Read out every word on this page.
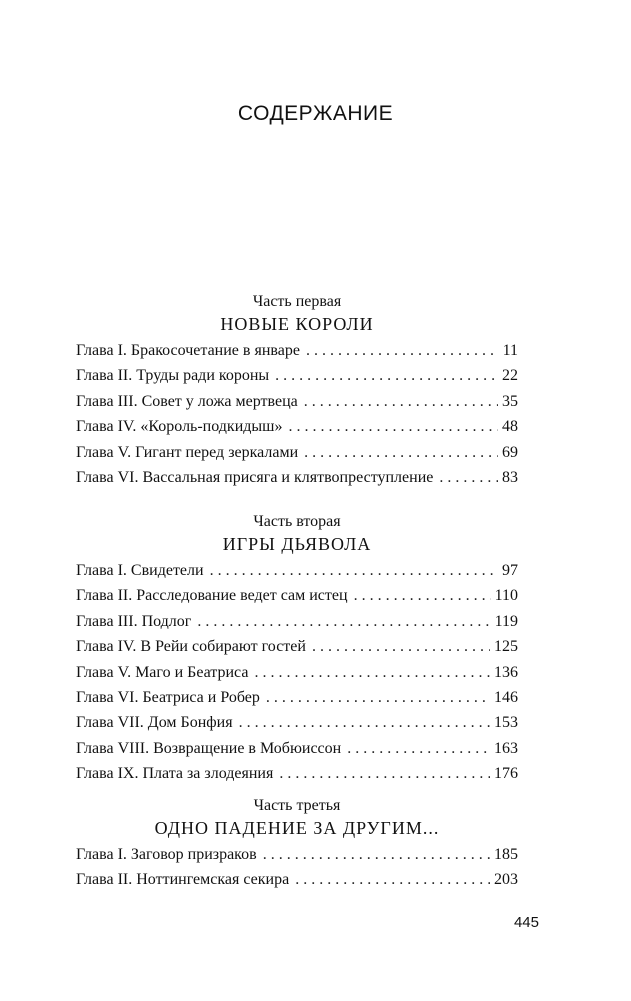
СОДЕРЖАНИЕ
Часть первая
НОВЫЕ КОРОЛИ
Глава I. Бракосочетание в январе . . .	11
Глава II. Труды ради короны . . .	22
Глава III. Совет у ложа мертвеца . . .	35
Глава IV. «Король-подкидыш» . . .	48
Глава V. Гигант перед зеркалами . . .	69
Глава VI. Вассальная присяга и клятвопреступление . . .	83
Часть вторая
ИГРЫ ДЬЯВОЛА
Глава I. Свидетели . . .	97
Глава II. Расследование ведет сам истец . . .	110
Глава III. Подлог . . .	119
Глава IV. В Рейи собирают гостей . . .	125
Глава V. Маго и Беатриса . . .	136
Глава VI. Беатриса и Робер . . .	146
Глава VII. Дом Бонфия . . .	153
Глава VIII. Возвращение в Мобюиссон . . .	163
Глава IX. Плата за злодеяния . . .	176
Часть третья
ОДНО ПАДЕНИЕ ЗА ДРУГИМ...
Глава I. Заговор призраков . . .	185
Глава II. Ноттингемская секира . . .	203
445
